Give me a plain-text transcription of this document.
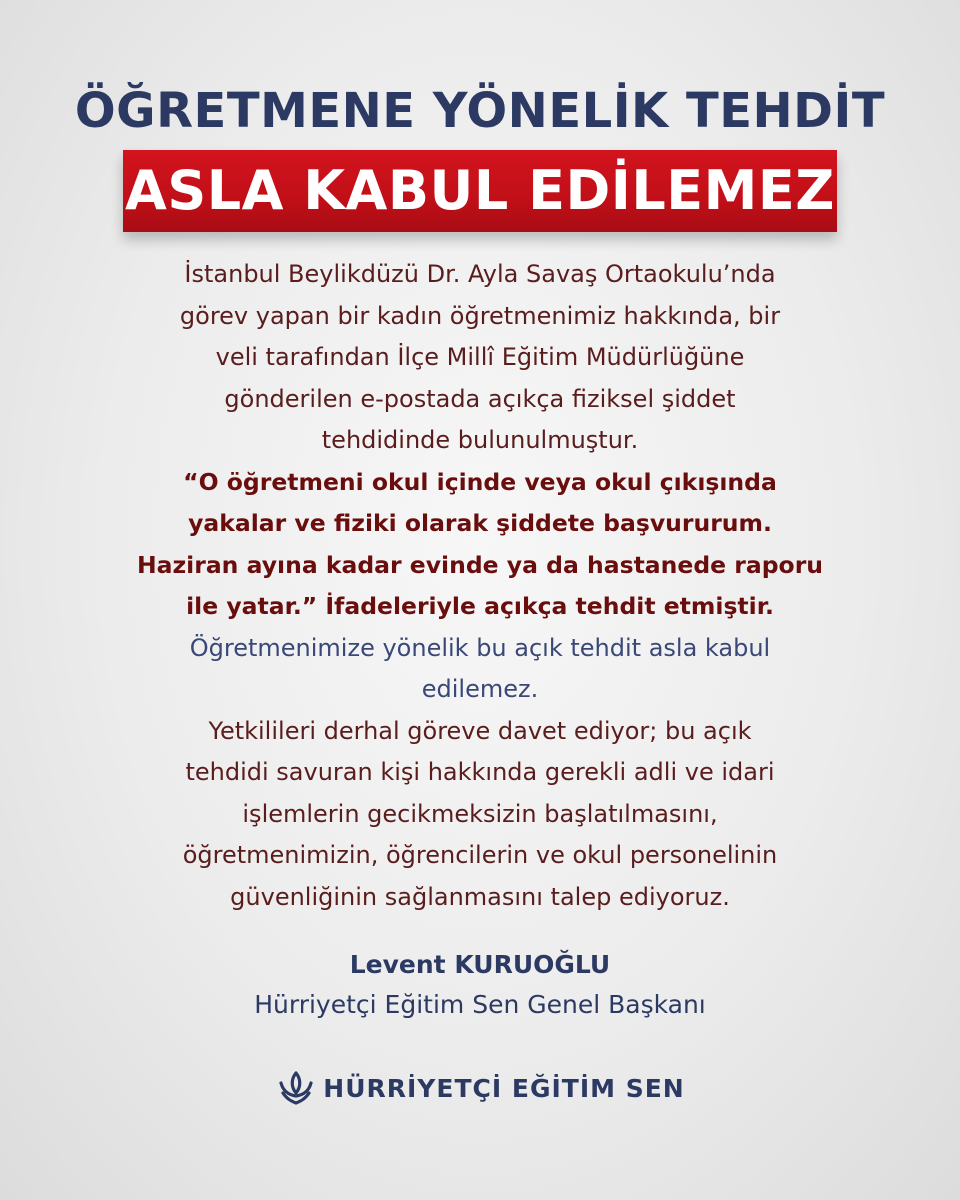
ÖĞRETMENE YÖNELİK TEHDİT
ASLA KABUL EDİLEMEZ

İstanbul Beylikdüzü Dr. Ayla Savaş Ortaokulu’nda

görev yapan bir kadın öğretmenimiz hakkında, bir

veli tarafından İlçe Millî Eğitim Müdürlüğüne

gönderilen e-postada açıkça fiziksel şiddet

tehdidinde bulunulmuştur.

“O öğretmeni okul içinde veya okul çıkışında

yakalar ve fiziki olarak şiddete başvururum.

Haziran ayına kadar evinde ya da hastanede raporu

ile yatar.” İfadeleriyle açıkça tehdit etmiştir.

Öğretmenimize yönelik bu açık tehdit asla kabul

edilemez.

Yetkilileri derhal göreve davet ediyor; bu açık

tehdidi savuran kişi hakkında gerekli adli ve idari

işlemlerin gecikmeksizin başlatılmasını,

öğretmenimizin, öğrencilerin ve okul personelinin

güvenliğinin sağlanmasını talep ediyoruz.

Levent KURUOĞLU
Hürriyetçi Eğitim Sen Genel Başkanı
HÜRRİYETÇİ EĞİTİM SEN
